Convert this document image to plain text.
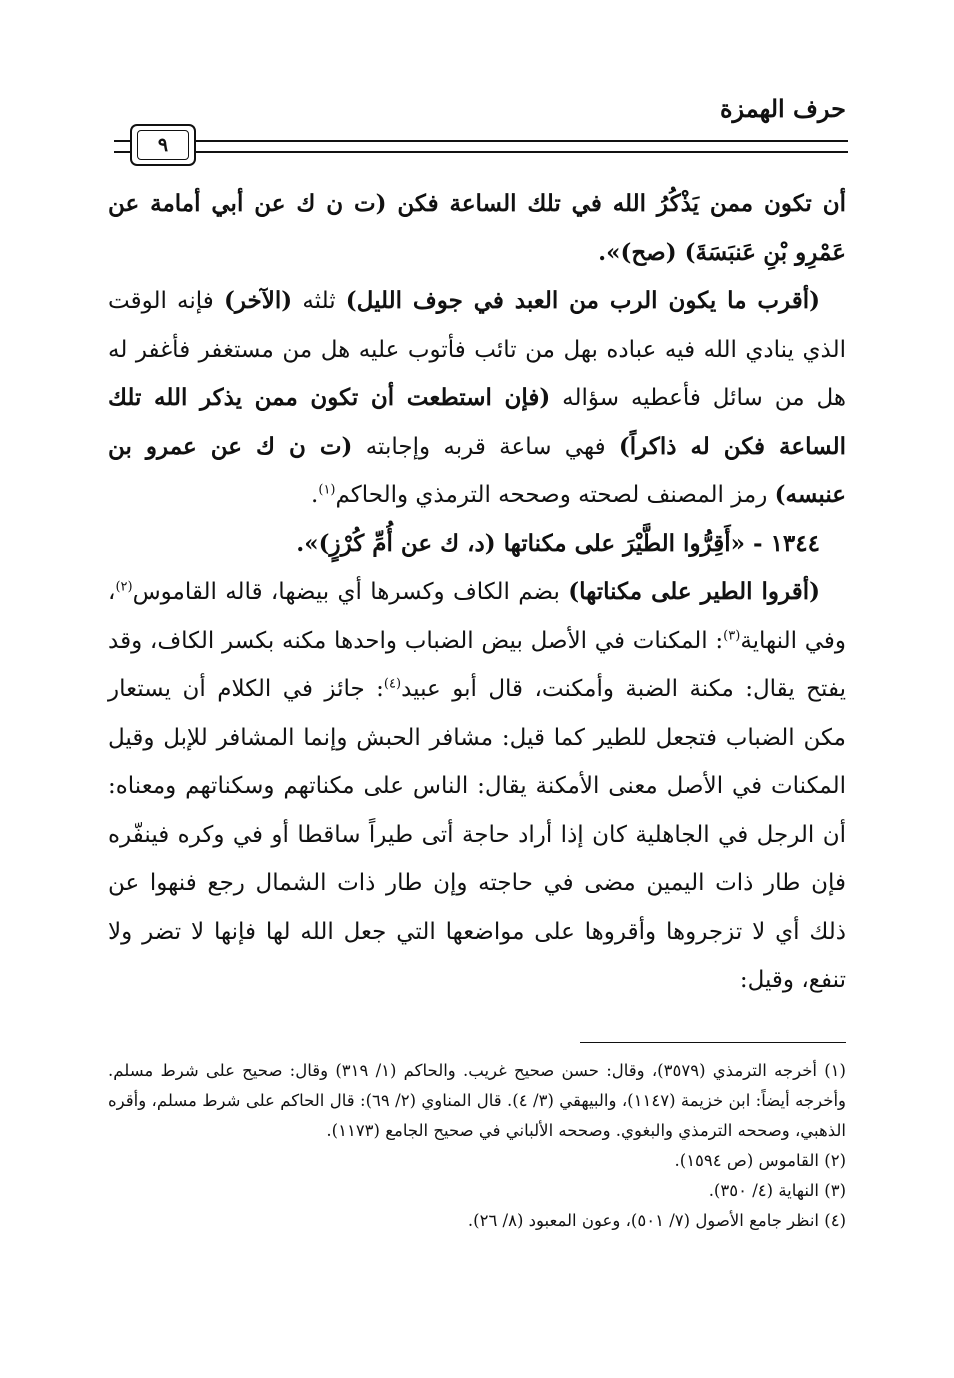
حرف الهمزة
٩

أن تكون ممن يَذْكُرُ الله في تلك الساعة فكن (ت ن ك عن أبي أمامة عن عَمْرِو بْنِ عَنبَسَةَ) (صح)».

(أقرب ما يكون الرب من العبد في جوف الليل) ثلثه (الآخر) فإنه الوقت الذي ينادي الله فيه عباده بهل من تائب فأتوب عليه هل من مستغفر فأغفر له هل من سائل فأعطيه سؤاله (فإن استطعت أن تكون ممن يذكر الله تلك الساعة فكن له ذاكراً) فهي ساعة قربه وإجابته (ت ن ك عن عمرو بن عنبسه) رمز المصنف لصحته وصححه الترمذي والحاكم$^{(١)}$.

١٣٤٤ - «أَقِرُّوا الطَّيْرَ على مكناتها (د، ك عن أُمِّ كُرْزٍ)».

(أقروا الطير على مكناتها) بضم الكاف وكسرها أي بيضها، قاله القاموس$^{(٢)}$، وفي النهاية$^{(٣)}$: المكنات في الأصل بيض الضباب واحدها مكنه بكسر الكاف، وقد يفتح يقال: مكنة الضبة وأمكنت، قال أبو عبيد$^{(٤)}$: جائز في الكلام أن يستعار مكن الضباب فتجعل للطير كما قيل: مشافر الحبش وإنما المشافر للإبل وقيل المكنات في الأصل معنى الأمكنة يقال: الناس على مكناتهم وسكناتهم ومعناه: أن الرجل في الجاهلية كان إذا أراد حاجة أتى طيراً ساقطا أو في وكره فينفّره فإن طار ذات اليمين مضى في حاجته وإن طار ذات الشمال رجع فنهوا عن ذلك أي لا تزجروها وأقروها على مواضعها التي جعل الله لها فإنها لا تضر ولا تنفع، وقيل:

(١) أخرجه الترمذي (٣٥٧٩)، وقال: حسن صحيح غريب. والحاكم (١/ ٣١٩) وقال: صحيح على شرط مسلم. وأخرجه أيضاً: ابن خزيمة (١١٤٧)، والبيهقي (٣/ ٤). قال المناوي (٢/ ٦٩): قال الحاكم على شرط مسلم، وأقره الذهبي، وصححه الترمذي والبغوي. وصححه الألباني في صحيح الجامع (١١٧٣).

(٢) القاموس (ص ١٥٩٤).

(٣) النهاية (٤/ ٣٥٠).

(٤) انظر جامع الأصول (٧/ ٥٠١)، وعون المعبود (٨/ ٢٦).
